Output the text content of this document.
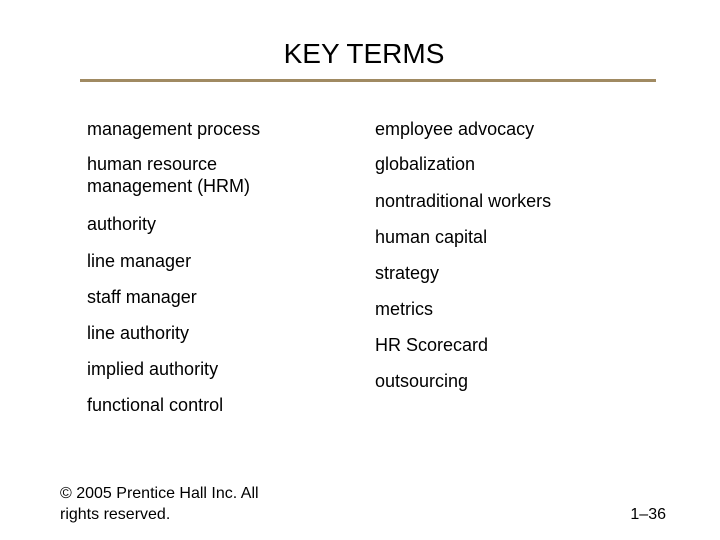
KEY TERMS
management process
human resource
management (HRM)
authority
line manager
staff manager
line authority
implied authority
functional control
employee advocacy
globalization
nontraditional workers
human capital
strategy
metrics
HR Scorecard
outsourcing
© 2005 Prentice Hall Inc. All rights reserved.	1–36
